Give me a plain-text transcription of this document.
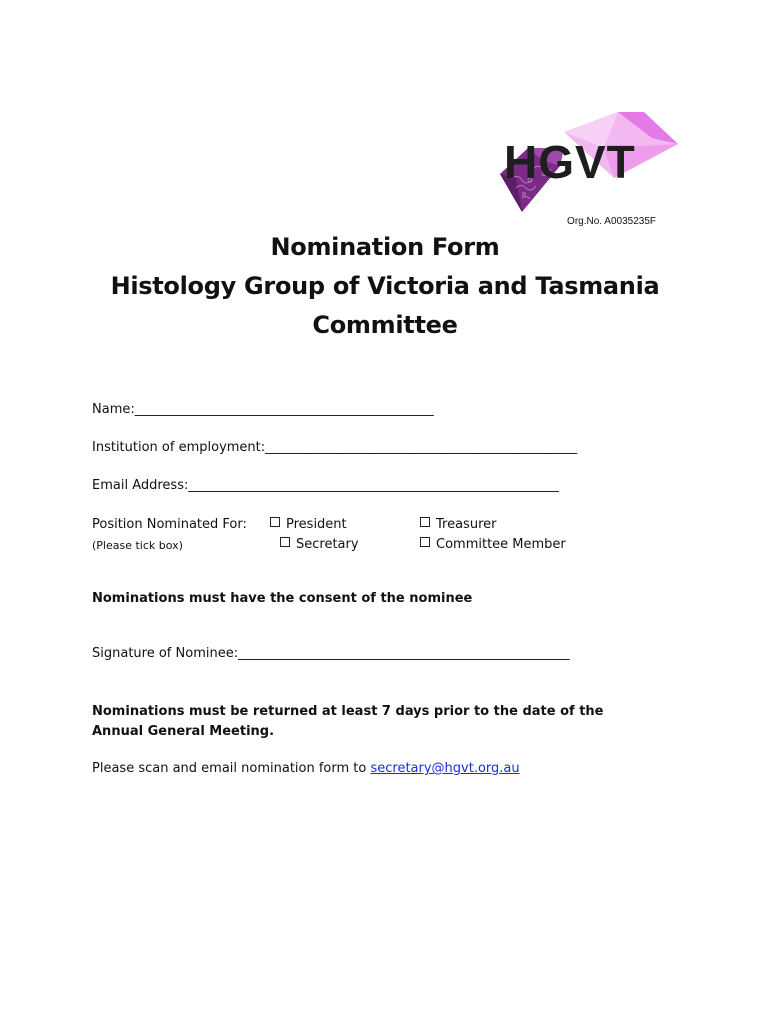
HGVT
Org.No. A0035235F
Nomination Form
Histology Group of Victoria and Tasmania
Committee
Name:______________________________________________
Institution of employment:________________________________________________
Email Address:_________________________________________________________
Position Nominated For:
(Please tick box)
President
Secretary
Treasurer
Committee Member
Nominations must have the consent of the nominee
Signature of Nominee:___________________________________________________
Nominations must be returned at least 7 days prior to the date of the Annual General Meeting.
Please scan and email nomination form to secretary@hgvt.org.au
